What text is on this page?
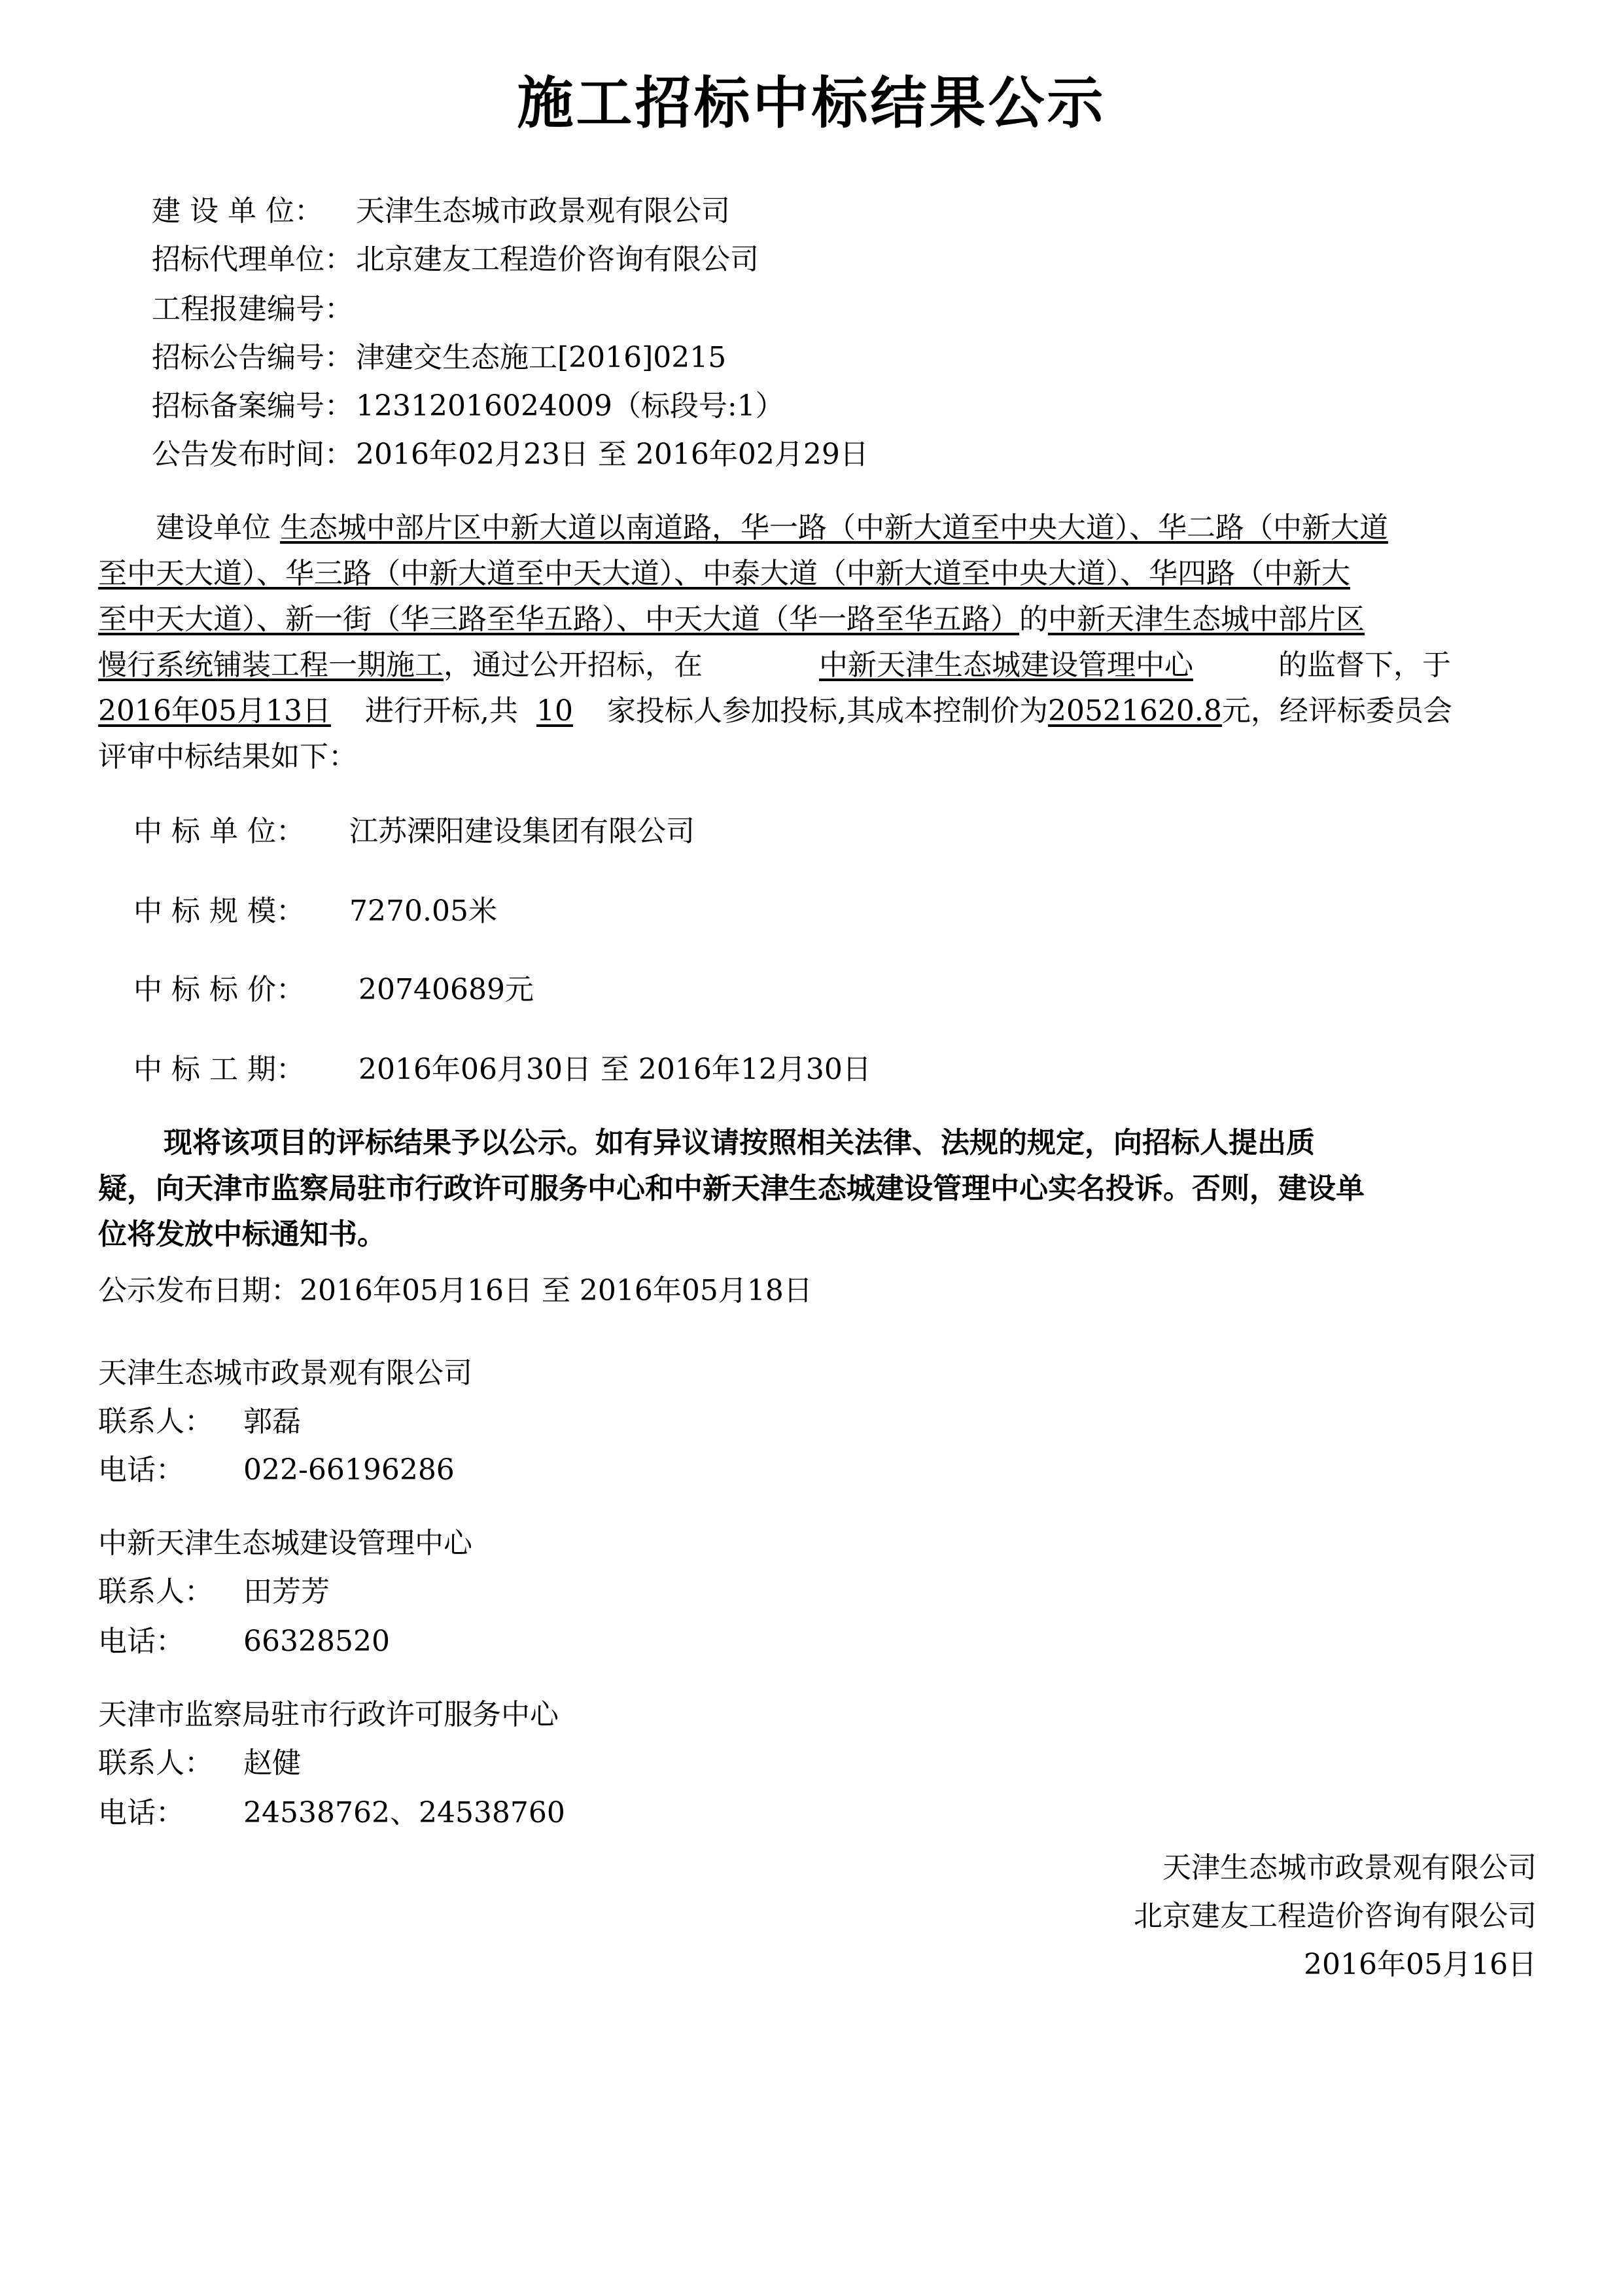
施工招标中标结果公示
建 设 单 位： 天津生态城市政景观有限公司
招标代理单位：北京建友工程造价咨询有限公司
工程报建编号：
招标公告编号：津建交生态施工[2016]0215
招标备案编号：12312016024009（标段号:1）
公告发布时间：2016年02月23日 至 2016年02月29日
建设单位 生态城中部片区中新大道以南道路，华一路（中新大道至中央大道）、华二路（中新大道
至中天大道）、华三路（中新大道至中天大道）、中泰大道（中新大道至中央大道）、华四路（中新大
至中天大道）、新一街（华三路至华五路）、中天大道（华一路至华五路）的中新天津生态城中部片区
慢行系统铺装工程一期施工，通过公开招标，在	中新天津生态城建设管理中心	的监督下，于
2016年05月13日 进行开标,共 10 家投标人参加投标,其成本控制价为20521620.8元，经评标委员会
评审中标结果如下：
中 标 单 位： 江苏溧阳建设集团有限公司
中 标 规 模： 7270.05米
中 标 标 价： 20740689元
中 标 工 期： 2016年06月30日 至 2016年12月30日
现将该项目的评标结果予以公示。如有异议请按照相关法律、法规的规定，向招标人提出质
疑，向天津市监察局驻市行政许可服务中心和中新天津生态城建设管理中心实名投诉。否则，建设单
位将发放中标通知书。
公示发布日期：2016年05月16日 至 2016年05月18日
天津生态城市政景观有限公司
联系人： 郭磊
电话： 022-66196286
中新天津生态城建设管理中心
联系人： 田芳芳
电话： 66328520
天津市监察局驻市行政许可服务中心
联系人： 赵健
电话： 24538762、24538760
天津生态城市政景观有限公司
北京建友工程造价咨询有限公司
2016年05月16日
